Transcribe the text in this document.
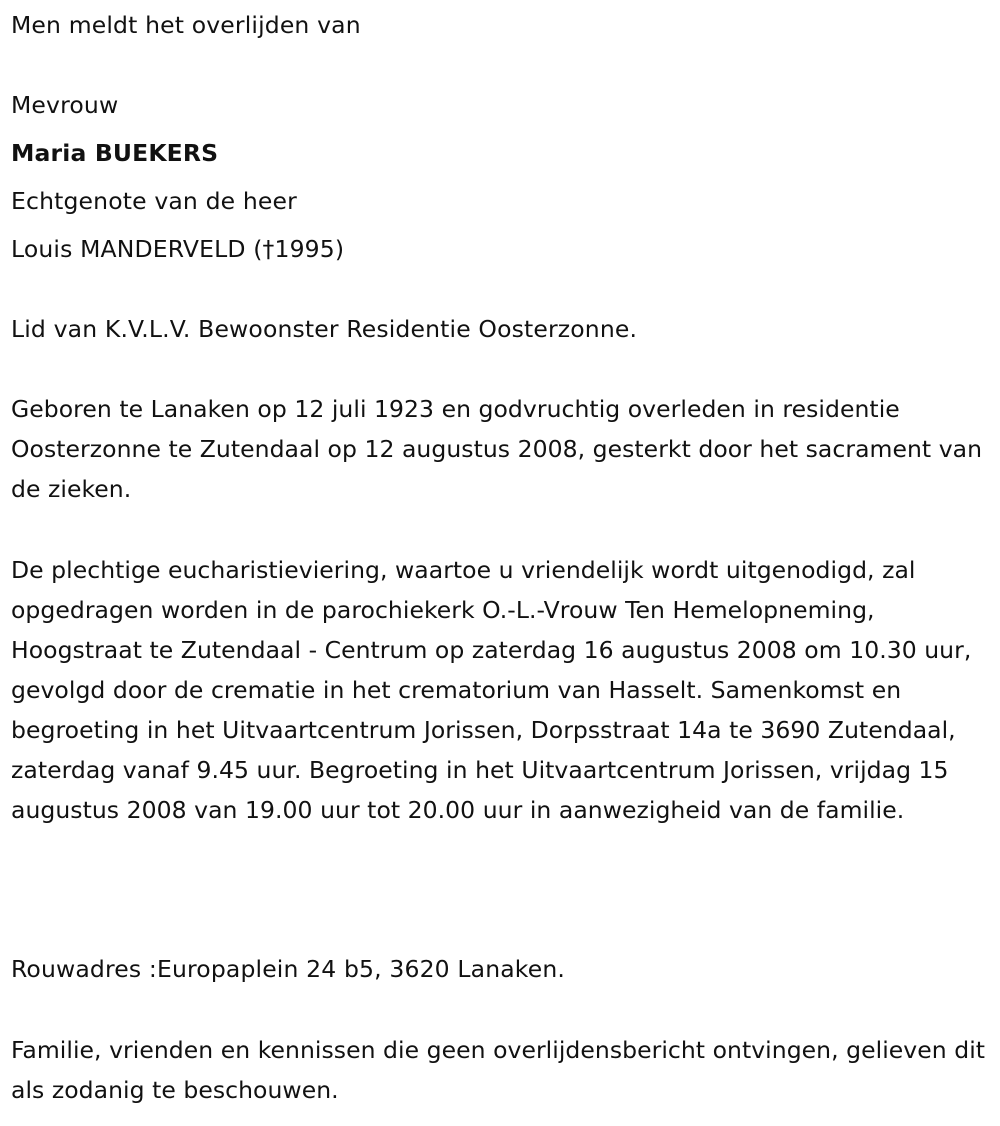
Men meldt het overlijden van
Mevrouw
Maria BUEKERS
Echtgenote van de heer
Louis MANDERVELD (†1995)
Lid van K.V.L.V. Bewoonster Residentie Oosterzonne.
Geboren te Lanaken op 12 juli 1923 en godvruchtig overleden in residentie Oosterzonne te Zutendaal op 12 augustus 2008, gesterkt door het sacrament van de zieken.
De plechtige eucharistieviering, waartoe u vriendelijk wordt uitgenodigd, zal opgedragen worden in de parochiekerk O.-L.-Vrouw Ten Hemelopneming, Hoogstraat te Zutendaal - Centrum op zaterdag 16 augustus 2008 om 10.30 uur, gevolgd door de crematie in het crematorium van Hasselt. Samenkomst en begroeting in het Uitvaartcentrum Jorissen, Dorpsstraat 14a te 3690 Zutendaal, zaterdag vanaf 9.45 uur. Begroeting in het Uitvaartcentrum Jorissen, vrijdag 15 augustus 2008 van 19.00 uur tot 20.00 uur in aanwezigheid van de familie.
Rouwadres :Europaplein 24 b5, 3620 Lanaken.
Familie, vrienden en kennissen die geen overlijdensbericht ontvingen, gelieven dit als zodanig te beschouwen.
